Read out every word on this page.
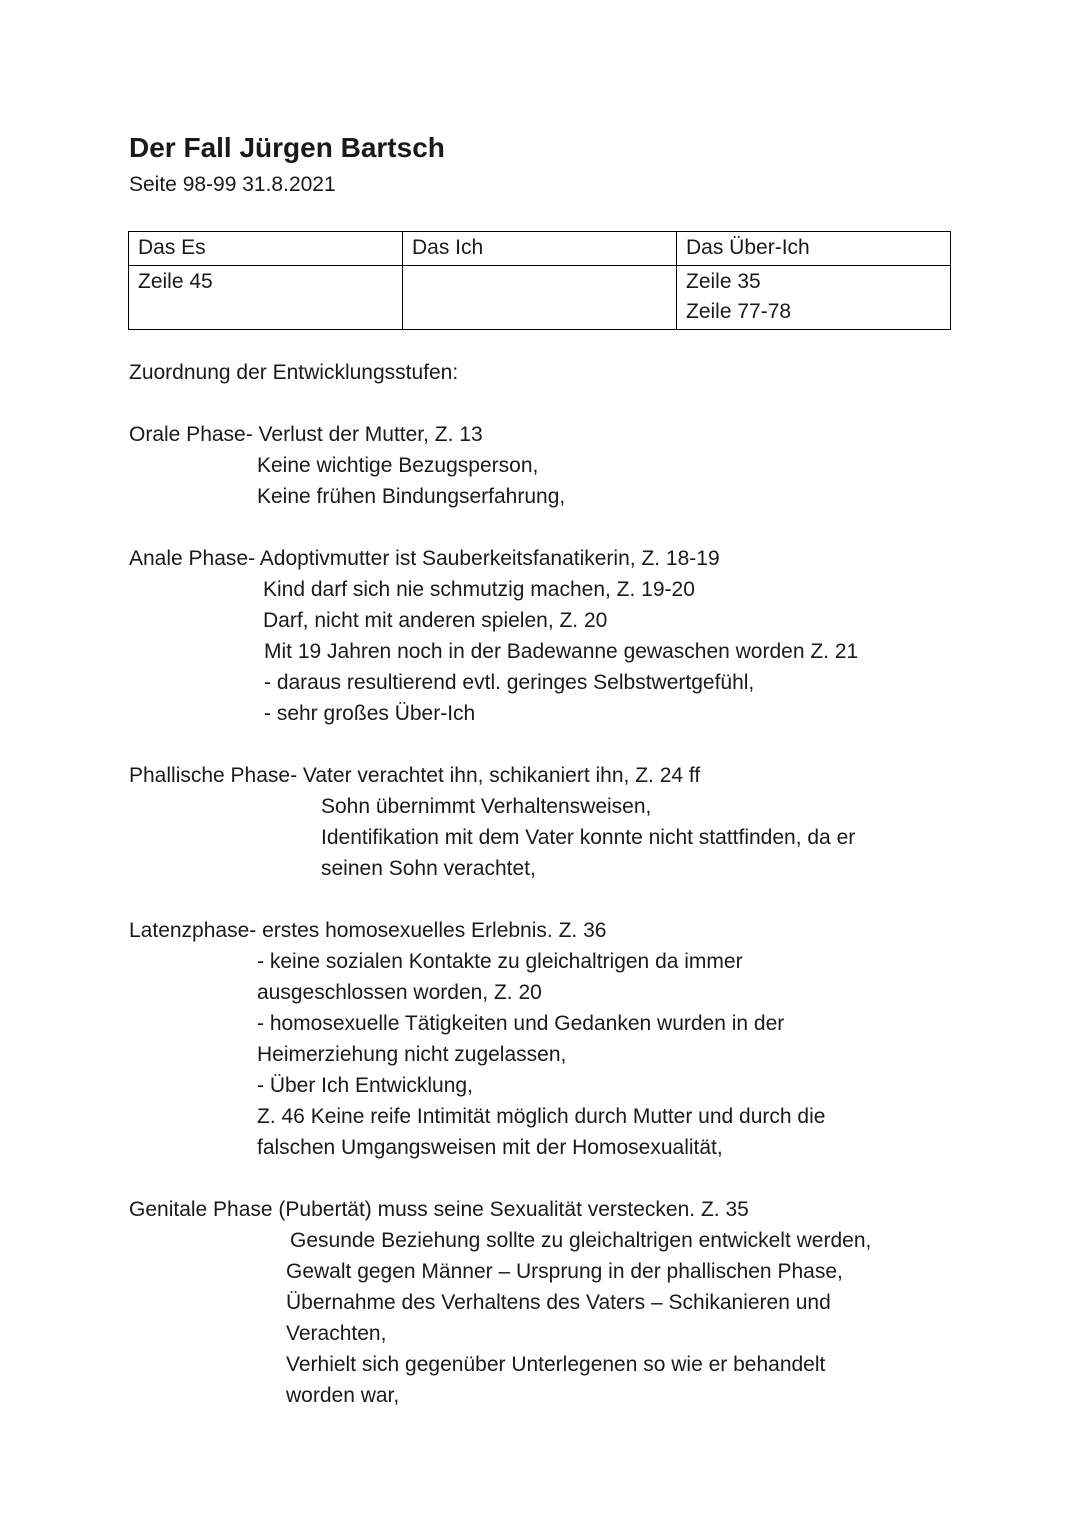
Der Fall Jürgen Bartsch
Seite 98-99 31.8.2021
Das Es	Das Ich	Das Über-Ich

Zeile 45		Zeile 35
Zeile 77-78
Zuordnung der Entwicklungsstufen:
Orale Phase- Verlust der Mutter, Z. 13
Keine wichtige Bezugsperson,
Keine frühen Bindungserfahrung,
Anale Phase- Adoptivmutter ist Sauberkeitsfanatikerin, Z. 18-19
Kind darf sich nie schmutzig machen, Z. 19-20
Darf, nicht mit anderen spielen, Z. 20
Mit 19 Jahren noch in der Badewanne gewaschen worden Z. 21
- daraus resultierend evtl. geringes Selbstwertgefühl,
- sehr großes Über-Ich
Phallische Phase- Vater verachtet ihn, schikaniert ihn, Z. 24 ff
Sohn übernimmt Verhaltensweisen,
Identifikation mit dem Vater konnte nicht stattfinden, da er
seinen Sohn verachtet,
Latenzphase- erstes homosexuelles Erlebnis. Z. 36
- keine sozialen Kontakte zu gleichaltrigen da immer
ausgeschlossen worden, Z. 20
- homosexuelle Tätigkeiten und Gedanken wurden in der
Heimerziehung nicht zugelassen,
- Über Ich Entwicklung,
Z. 46 Keine reife Intimität möglich durch Mutter und durch die
falschen Umgangsweisen mit der Homosexualität,
Genitale Phase (Pubertät) muss seine Sexualität verstecken. Z. 35
Gesunde Beziehung sollte zu gleichaltrigen entwickelt werden,
Gewalt gegen Männer – Ursprung in der phallischen Phase,
Übernahme des Verhaltens des Vaters – Schikanieren und
Verachten,
Verhielt sich gegenüber Unterlegenen so wie er behandelt
worden war,
